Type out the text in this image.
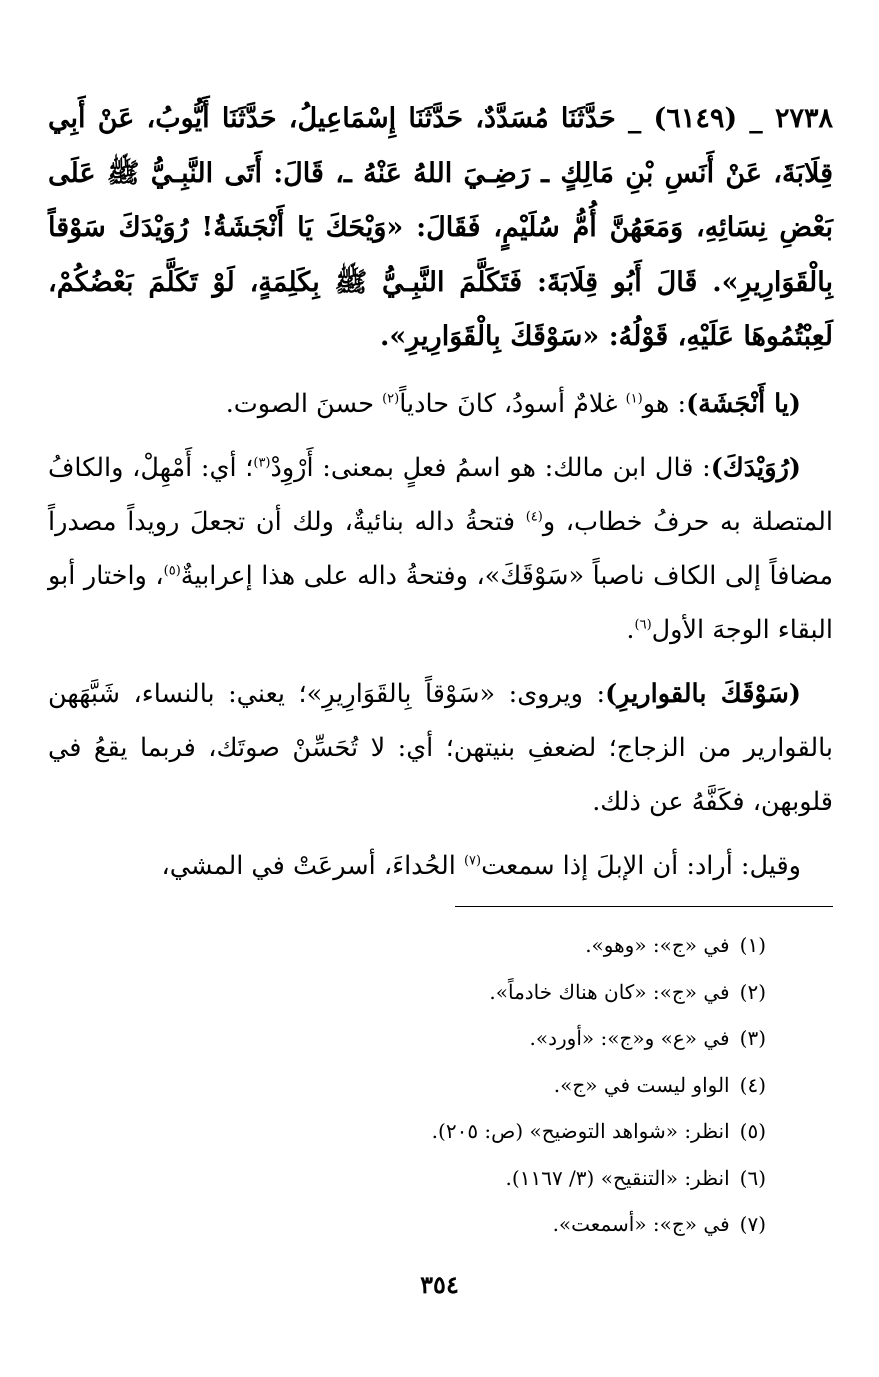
٢٧٣٨ _ (٦١٤٩) _ حَدَّثَنَا مُسَدَّدٌ، حَدَّثَنَا إِسْمَاعِيلُ، حَدَّثَنَا أَيُّوبُ، عَنْ أَبِي قِلَابَةَ، عَنْ أَنَسِ بْنِ مَالِكٍ ـ رَضِـيَ اللهُ عَنْهُ ـ، قَالَ: أَتَى النَّبِـيُّ ﷺ عَلَى بَعْضِ نِسَائِهِ، وَمَعَهُنَّ أُمُّ سُلَيْمٍ، فَقَالَ: «وَيْحَكَ يَا أَنْجَشَةُ! رُوَيْدَكَ سَوْقاً بِالْقَوَارِيرِ». قَالَ أَبُو قِلَابَةَ: فَتَكَلَّمَ النَّبِـيُّ ﷺ بِكَلِمَةٍ، لَوْ تَكَلَّمَ بَعْضُكُمْ، لَعِبْتُمُوهَا عَلَيْهِ، قَوْلُهُ: «سَوْقَكَ بِالْقَوَارِيرِ».

(يا أَنْجَشَة): هو$^{(١)}$ غلامٌ أسودُ، كانَ حادياً$^{(٢)}$ حسنَ الصوت.

(رُوَيْدَكَ): قال ابن مالك: هو اسمُ فعلٍ بمعنى: أَرْوِدْ$^{(٣)}$؛ أي: أَمْهِلْ، والكافُ المتصلة به حرفُ خطاب، و$^{(٤)}$ فتحةُ داله بنائيةٌ، ولك أن تجعلَ رويداً مصدراً مضافاً إلى الكاف ناصباً «سَوْقَكَ»، وفتحةُ داله على هذا إعرابيةٌ$^{(٥)}$، واختار أبو البقاء الوجهَ الأول$^{(٦)}$.

(سَوْقَكَ بالقواريرِ): ويروى: «سَوْقاً بِالقَوَارِيرِ»؛ يعني: بالنساء، شَبَّهَهن بالقوارير من الزجاج؛ لضعفِ بنيتهن؛ أي: لا تُحَسِّنْ صوتَك، فربما يقعُ في قلوبهن، فكَفَّهُ عن ذلك.

وقيل: أراد: أن الإبلَ إذا سمعت$^{(٧)}$ الحُداءَ، أسرعَتْ في المشي،

(١)في «ج»: «وهو».
(٢)في «ج»: «كان هناك خادماً».
(٣)في «ع» و«ج»: «أورد».
(٤)الواو ليست في «ج».
(٥)انظر: «شواهد التوضيح» (ص: ٢٠٥).
(٦)انظر: «التنقيح» (٣/ ١١٦٧).
(٧)في «ج»: «أسمعت».
٣٥٤
